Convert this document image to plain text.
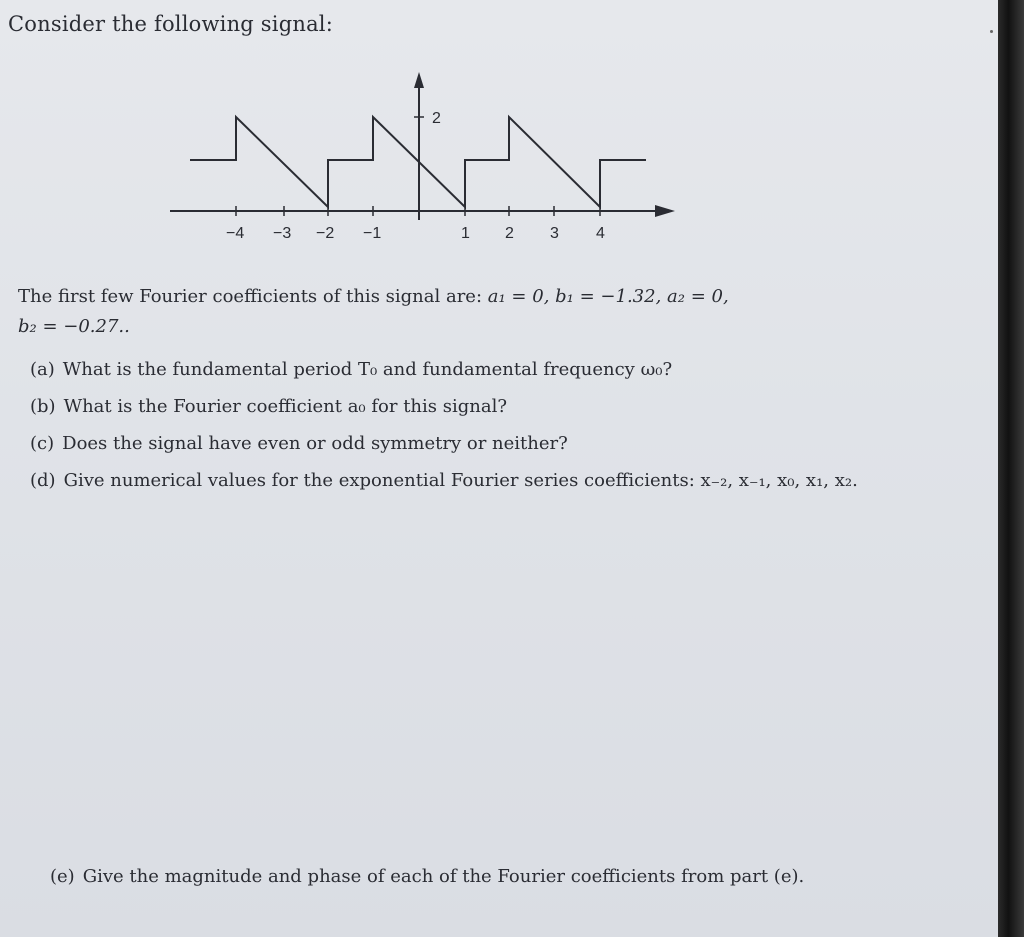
Consider the following signal:
2
−4 −3 −2 −1	1 2 3 4
The first few Fourier coefficients of this signal are: a₁ = 0, b₁ = −1.32, a₂ = 0,
b₂ = −0.27..
(a) What is the fundamental period T₀ and fundamental frequency ω₀?
(b) What is the Fourier coefficient a₀ for this signal?
(c) Does the signal have even or odd symmetry or neither?
(d) Give numerical values for the exponential Fourier series coefficients: x₋₂, x₋₁, x₀, x₁, x₂.
(e) Give the magnitude and phase of each of the Fourier coefficients from part (e).
